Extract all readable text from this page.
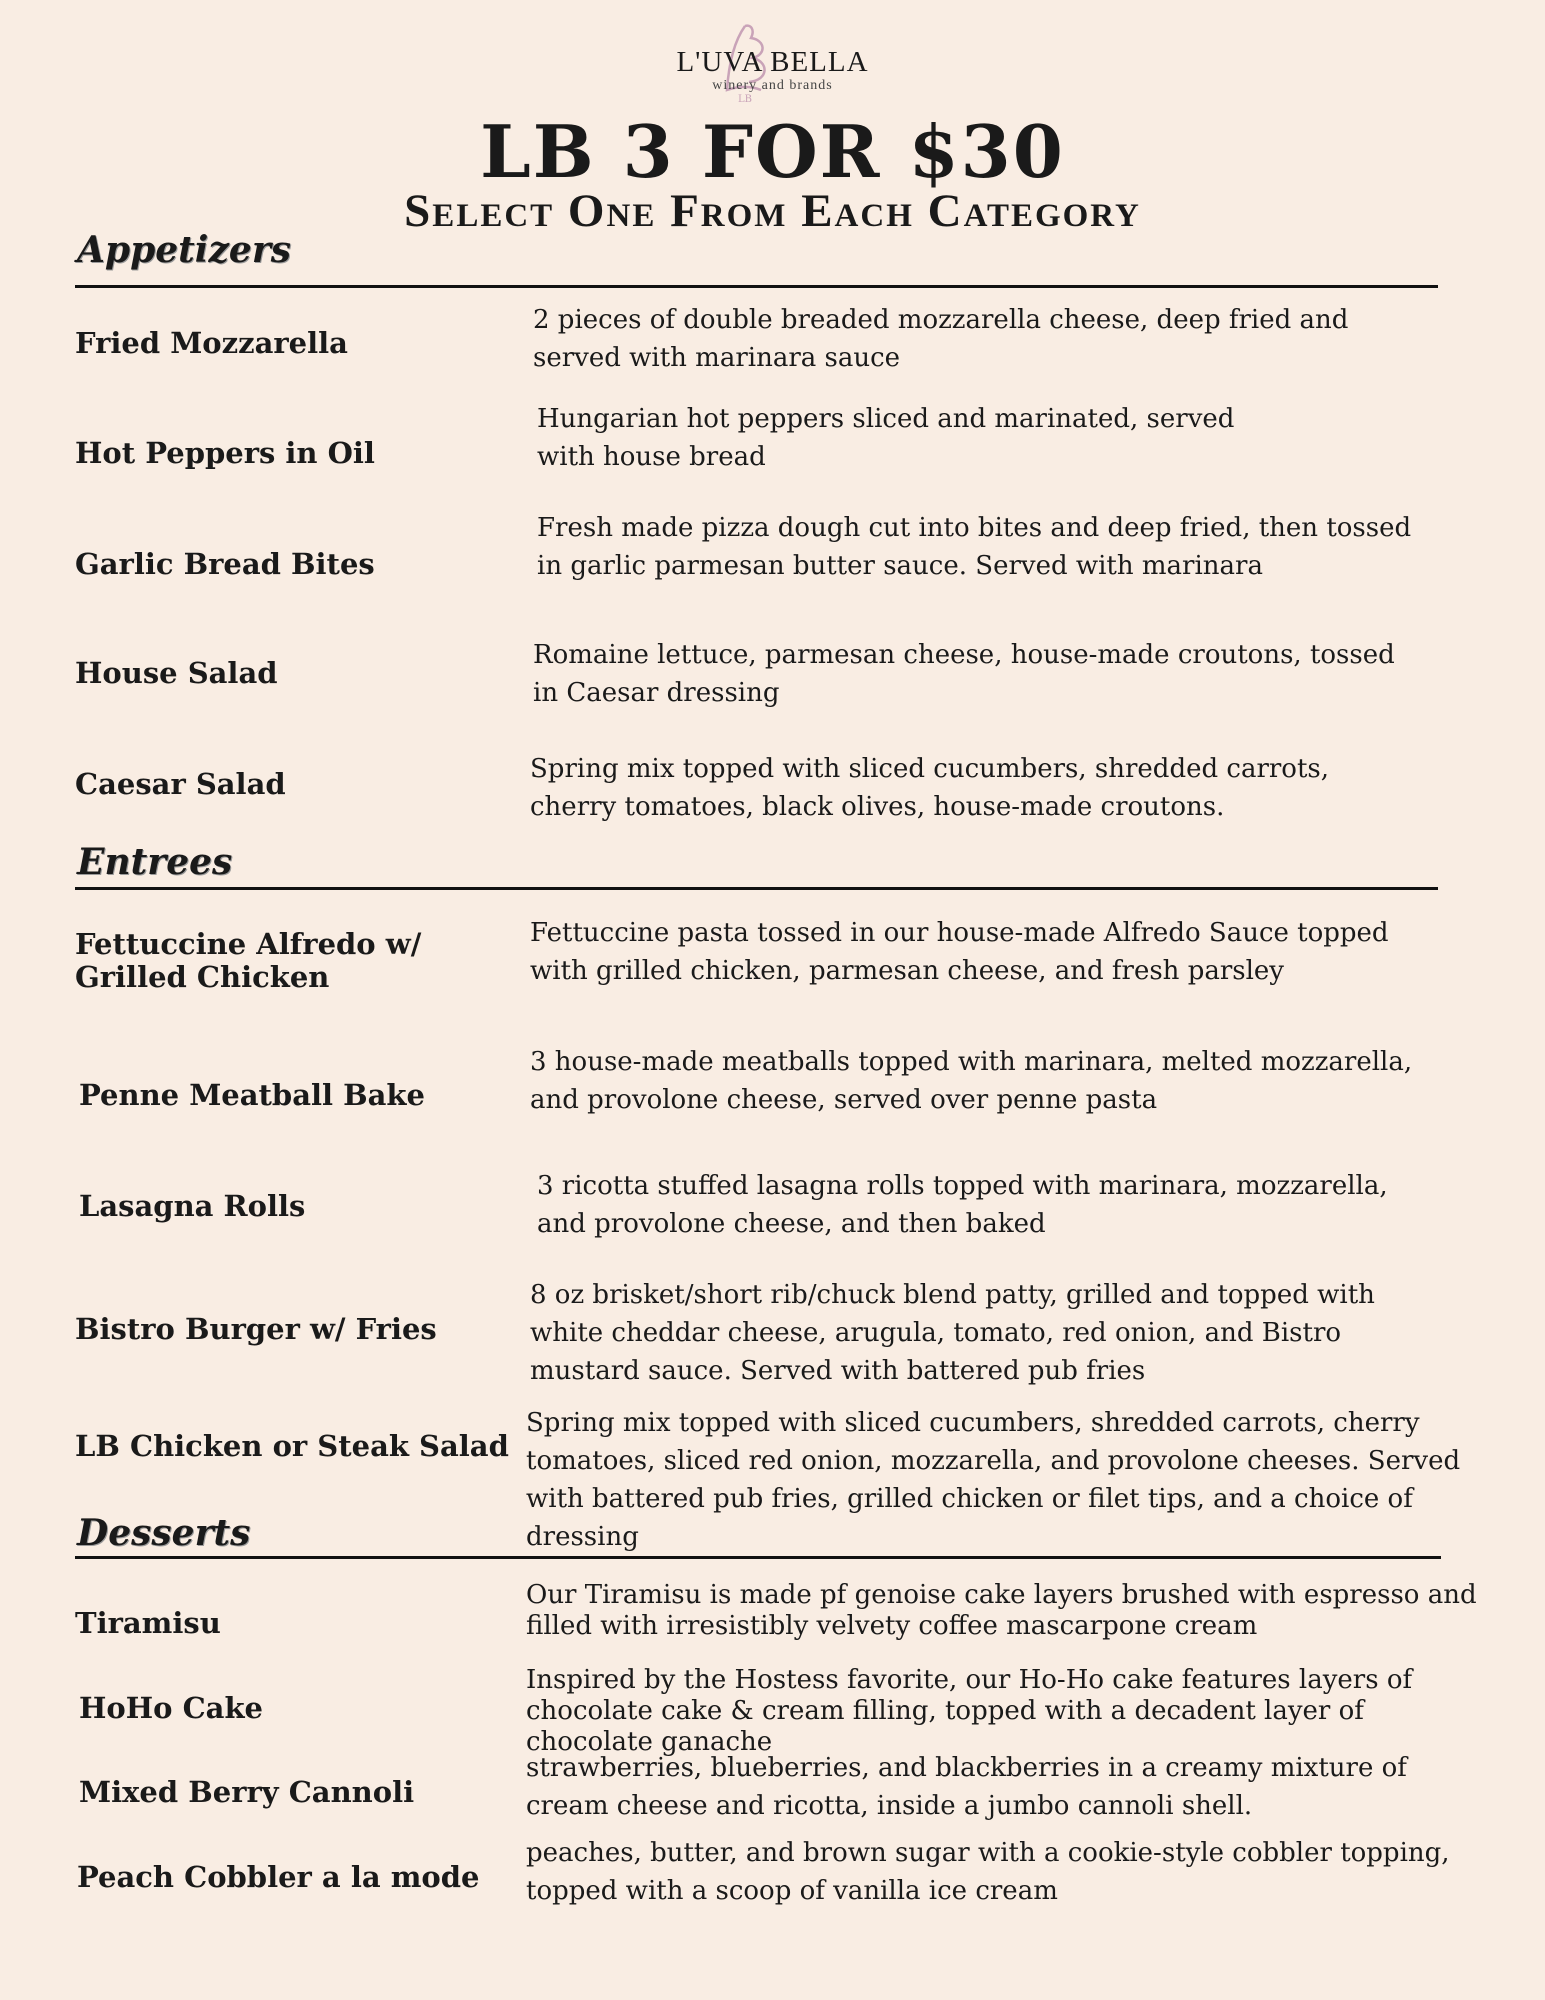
LB
L'UVA BELLA
winery and brands
LB 3 FOR $30
Select One From Each Category
Appetizers
Fried Mozzarella
2 pieces of double breaded mozzarella cheese, deep fried and served with marinara sauce
Hot Peppers in Oil
Hungarian hot peppers sliced and marinated, served with house bread
Garlic Bread Bites
Fresh made pizza dough cut into bites and deep fried, then tossed in garlic parmesan butter sauce. Served with marinara
House Salad
Romaine lettuce, parmesan cheese, house-made croutons, tossed in Caesar dressing
Caesar Salad	Spring mix topped with sliced cucumbers, shredded carrots, cherry tomatoes, black olives, house-made croutons.
Entrees
Fettuccine Alfredo w/ Grilled Chicken
Fettuccine pasta tossed in our house-made Alfredo Sauce topped with grilled chicken, parmesan cheese, and fresh parsley
Penne Meatball Bake
3 house-made meatballs topped with marinara, melted mozzarella, and provolone cheese, served over penne pasta
Lasagna Rolls
3 ricotta stuffed lasagna rolls topped with marinara, mozzarella, and provolone cheese, and then baked
Bistro Burger w/ Fries
8 oz brisket/short rib/chuck blend patty, grilled and topped with white cheddar cheese, arugula, tomato, red onion, and Bistro mustard sauce. Served with battered pub fries
LB Chicken or Steak Salad
Spring mix topped with sliced cucumbers, shredded carrots, cherry tomatoes, sliced red onion, mozzarella, and provolone cheeses. Served with battered pub fries, grilled chicken or filet tips, and a choice of dressing
Desserts
Tiramisu
Our Tiramisu is made pf genoise cake layers brushed with espresso and filled with irresistibly velvety coffee mascarpone cream
HoHo Cake
Inspired by the Hostess favorite, our Ho-Ho cake features layers of chocolate cake & cream filling, topped with a decadent layer of chocolate ganache
Mixed Berry Cannoli
strawberries, blueberries, and blackberries in a creamy mixture of cream cheese and ricotta, inside a jumbo cannoli shell.
Peach Cobbler a la mode
peaches, butter, and brown sugar with a cookie-style cobbler topping, topped with a scoop of vanilla ice cream
